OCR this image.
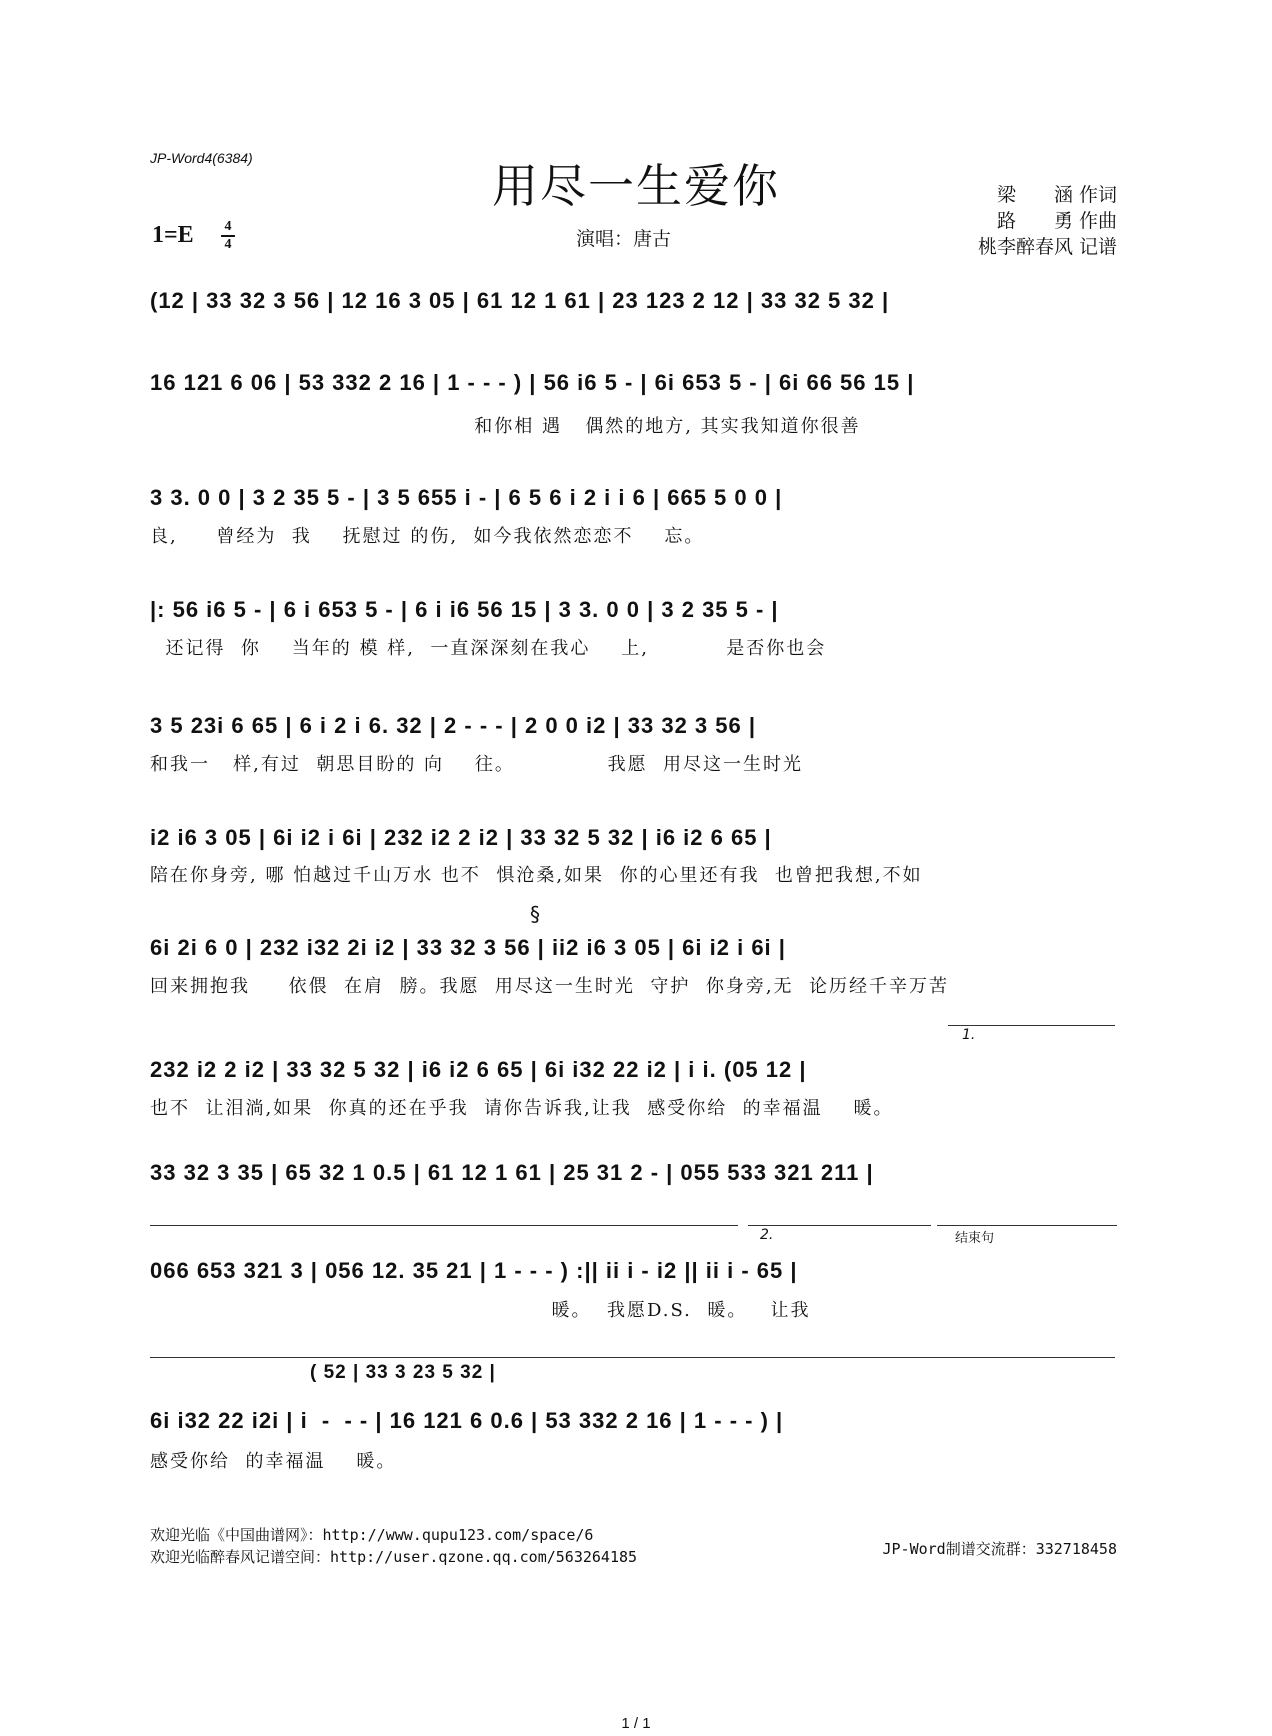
JP-Word4(6384)
用尽一生爱你
1=E 4
4	演唱：唐古
梁　　涵 作词
路　　勇 作曲
桃李醉春风 记谱
(12 | 33 32 3 56 | 12 16 3 05 | 61 12 1 61 | 23 123 2 12 | 33 32 5 32 |
16 121 6 06 | 53 332 2 16 | 1 - - - ) | 56 i6 5 - | 6i 653 5 - | 6i 66 56 15 |
和你相 遇   偶然的地方, 其实我知道你很善
3 3. 0 0 | 3 2 35 5 - | 3 5 655 i - | 6 5 6 i 2 i i 6 | 665 5 0 0 |
良,     曾经为  我    抚慰过 的伤,  如今我依然恋恋不    忘。
|: 56 i6 5 - | 6 i 653 5 - | 6 i i6 56 15 | 3 3. 0 0 | 3 2 35 5 - |
还记得  你    当年的 模 样,  一直深深刻在我心    上,          是否你也会
3 5 23i 6 65 | 6 i 2 i 6. 32 | 2 - - - | 2 0 0 i2 | 33 32 3 56 |
和我一   样,有过  朝思目盼的 向    往。            我愿  用尽这一生时光
i2 i6 3 05 | 6i i2 i 6i | 232 i2 2 i2 | 33 32 5 32 | i6 i2 6 65 |
陪在你身旁, 哪 怕越过千山万水 也不  惧沧桑,如果  你的心里还有我  也曾把我想,不如
6i 2i 6 0 | 232 i32 2i i2 | 33 32 3 56 | ii2 i6 3 05 | 6i i2 i 6i |
回来拥抱我     依偎  在肩  膀。我愿  用尽这一生时光  守护  你身旁,无  论历经千辛万苦
§
1.
232 i2 2 i2 | 33 32 5 32 | i6 i2 6 65 | 6i i32 22 i2 | i i. (05 12 |
也不  让泪淌,如果  你真的还在乎我  请你告诉我,让我  感受你给  的幸福温    暖。
33 32 3 35 | 65 32 1 0.5 | 61 12 1 61 | 25 31 2 - | 055 533 321 211 |
2.	结束句
066 653 321 3 | 056 12. 35 21 | 1 - - - ) :|| ii i - i2 || ii i - 65 |
暖。  我愿D.S.  暖。   让我
( 52 | 33 3 23 5 32 |
6i i32 22 i2i | i  -  - - | 16 121 6 0.6 | 53 332 2 16 | 1 - - - ) |
感受你给  的幸福温    暖。
欢迎光临《中国曲谱网》：http://www.qupu123.com/space/6
欢迎光临醉春风记谱空间：http://user.qzone.qq.com/563264185	JP-Word制谱交流群：332718458
1 / 1
